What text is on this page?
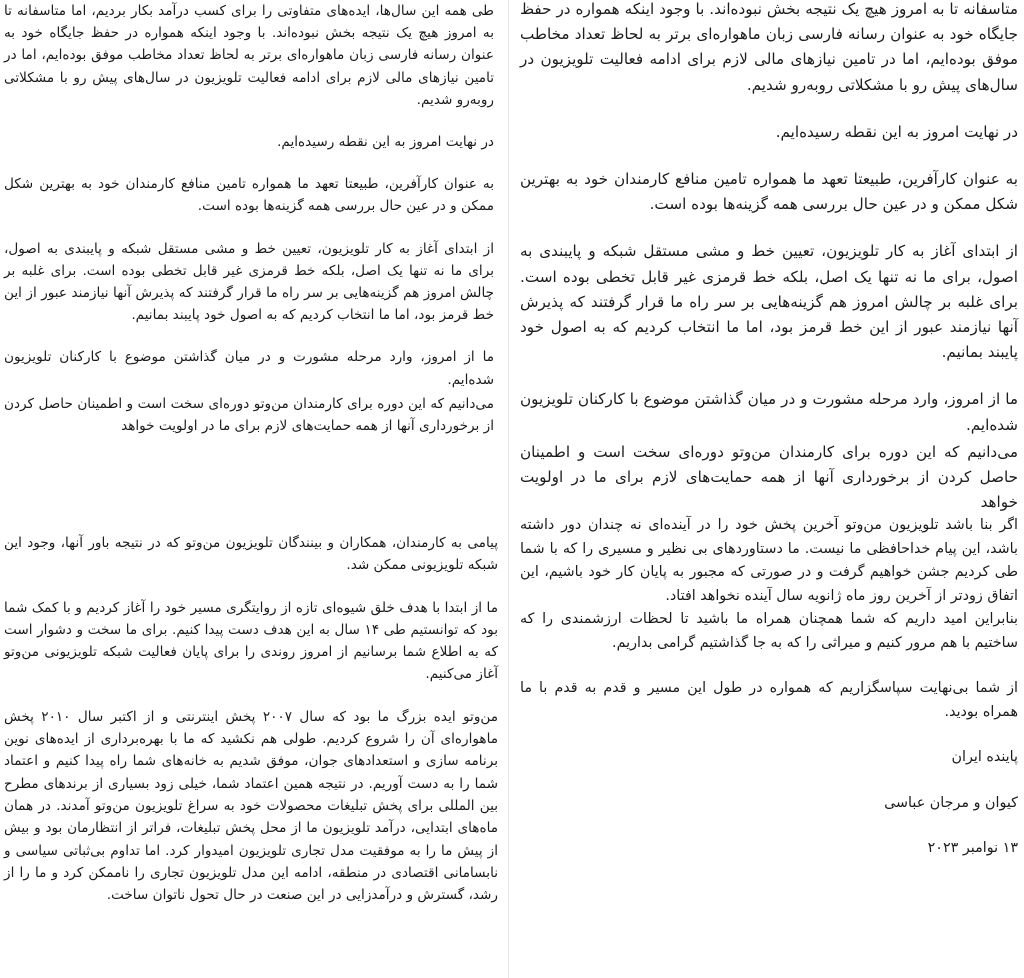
طی همه این سال‌ها، ایده‌های متفاوتی را برای کسب درآمد بکار بردیم، اما متاسفانه تا به امروز هیچ یک نتیجه بخش نبوده‌اند. با وجود اینکه همواره در حفظ جایگاه خود به عنوان رسانه فارسی زبان ماهواره‌ای برتر به لحاظ تعداد مخاطب موفق بوده‌ایم، اما در تامین نیازهای مالی لازم برای ادامه فعالیت تلویزیون در سال‌های پیش رو با مشکلاتی روبه‌رو شدیم.

در نهایت امروز به این نقطه رسیده‌ایم.

به عنوان کارآفرین، طبیعتا تعهد ما همواره تامین منافع کارمندان خود به بهترین شکل ممکن و در عین حال بررسی همه گزینه‌ها بوده است.

از ابتدای آغاز به کار تلویزیون، تعیین خط و مشی مستقل شبکه و پایبندی به اصول، برای ما نه تنها یک اصل، بلکه خط قرمزی غیر قابل تخطی بوده است. برای غلبه بر چالش امروز هم گزینه‌هایی بر سر راه ما قرار گرفتند که پذیرش آنها نیازمند عبور از این خط قرمز بود، اما ما انتخاب کردیم که به اصول خود پایبند بمانیم.

ما از امروز، وارد مرحله مشورت و در میان گذاشتن موضوع با کارکنان تلویزیون شده‌ایم.

می‌دانیم که این دوره برای کارمندان من‌وتو دوره‌ای سخت است و اطمینان حاصل کردن از برخورداری آنها از همه حمایت‌های لازم برای ما در اولویت خواهد

متاسفانه تا به امروز هیچ یک نتیجه بخش نبوده‌اند. با وجود اینکه همواره در حفظ جایگاه خود به عنوان رسانه فارسی زبان ماهواره‌ای برتر به لحاظ تعداد مخاطب موفق بوده‌ایم، اما در تامین نیازهای مالی لازم برای ادامه فعالیت تلویزیون در سال‌های پیش رو با مشکلاتی روبه‌رو شدیم.

در نهایت امروز به این نقطه رسیده‌ایم.

به عنوان کارآفرین، طبیعتا تعهد ما همواره تامین منافع کارمندان خود به بهترین شکل ممکن و در عین حال بررسی همه گزینه‌ها بوده است.

از ابتدای آغاز به کار تلویزیون، تعیین خط و مشی مستقل شبکه و پایبندی به اصول، برای ما نه تنها یک اصل، بلکه خط قرمزی غیر قابل تخطی بوده است. برای غلبه بر چالش امروز هم گزینه‌هایی بر سر راه ما قرار گرفتند که پذیرش آنها نیازمند عبور از این خط قرمز بود، اما ما انتخاب کردیم که به اصول خود پایبند بمانیم.

ما از امروز، وارد مرحله مشورت و در میان گذاشتن موضوع با کارکنان تلویزیون شده‌ایم.

می‌دانیم که این دوره برای کارمندان من‌وتو دوره‌ای سخت است و اطمینان حاصل کردن از برخورداری آنها از همه حمایت‌های لازم برای ما در اولویت خواهد

پیامی به کارمندان، همکاران و بینندگان تلویزیون من‌وتو که در نتیجه باور آنها، وجود این شبکه تلویزیونی ممکن شد.

ما از ابتدا با هدف خلق شیوه‌ای تازه از روایتگری مسیر خود را آغاز کردیم و با کمک شما بود که توانستیم طی ۱۴ سال به این هدف دست پیدا کنیم. برای ما سخت و دشوار است که به اطلاع شما برسانیم از امروز روندی را برای پایان فعالیت شبکه تلویزیونی من‌وتو آغاز می‌کنیم.

من‌وتو ایده بزرگ ما بود که سال ۲۰۰۷ پخش اینترنتی و از اکتبر سال ۲۰۱۰ پخش ماهواره‌ای آن را شروع کردیم. طولی هم نکشید که ما با بهره‌برداری از ایده‌های نوین برنامه سازی و استعدادهای جوان، موفق شدیم به خانه‌های شما راه پیدا کنیم و اعتماد شما را به دست آوریم. در نتیجه همین اعتماد شما، خیلی زود بسیاری از برندهای مطرح بین المللی برای پخش تبلیغات محصولات خود به سراغ تلویزیون من‌وتو آمدند. در همان ماه‌های ابتدایی، درآمد تلویزیون ما از محل پخش تبلیغات، فراتر از انتظارمان بود و بیش از پیش ما را به موفقیت مدل تجاری تلویزیون امیدوار کرد. اما تداوم بی‌ثباتی سیاسی و نابسامانی اقتصادی در منطقه، ادامه این مدل تلویزیون تجاری را ناممکن کرد و ما را از رشد، گسترش و درآمدزایی در این صنعت در حال تحول ناتوان ساخت.

اگر بنا باشد تلویزیون من‌وتو آخرین پخش خود را در آینده‌ای نه چندان دور داشته باشد، این پیام خداحافظی ما نیست. ما دستاوردهای بی نظیر و مسیری را که با شما طی کردیم جشن خواهیم گرفت و در صورتی که مجبور به پایان کار خود باشیم، این اتفاق زودتر از آخرین روز ماه ژانویه سال آینده نخواهد افتاد.

بنابراین امید داریم که شما همچنان همراه ما باشید تا لحظات ارزشمندی را که ساختیم با هم مرور کنیم و میراثی را که به جا گذاشتیم گرامی بداریم.

از شما بی‌نهایت سپاسگزاریم که همواره در طول این مسیر و قدم به قدم با ما همراه بودید.

پاینده ایران

کیوان و مرجان عباسی

۱۳ نوامبر ۲۰۲۳
